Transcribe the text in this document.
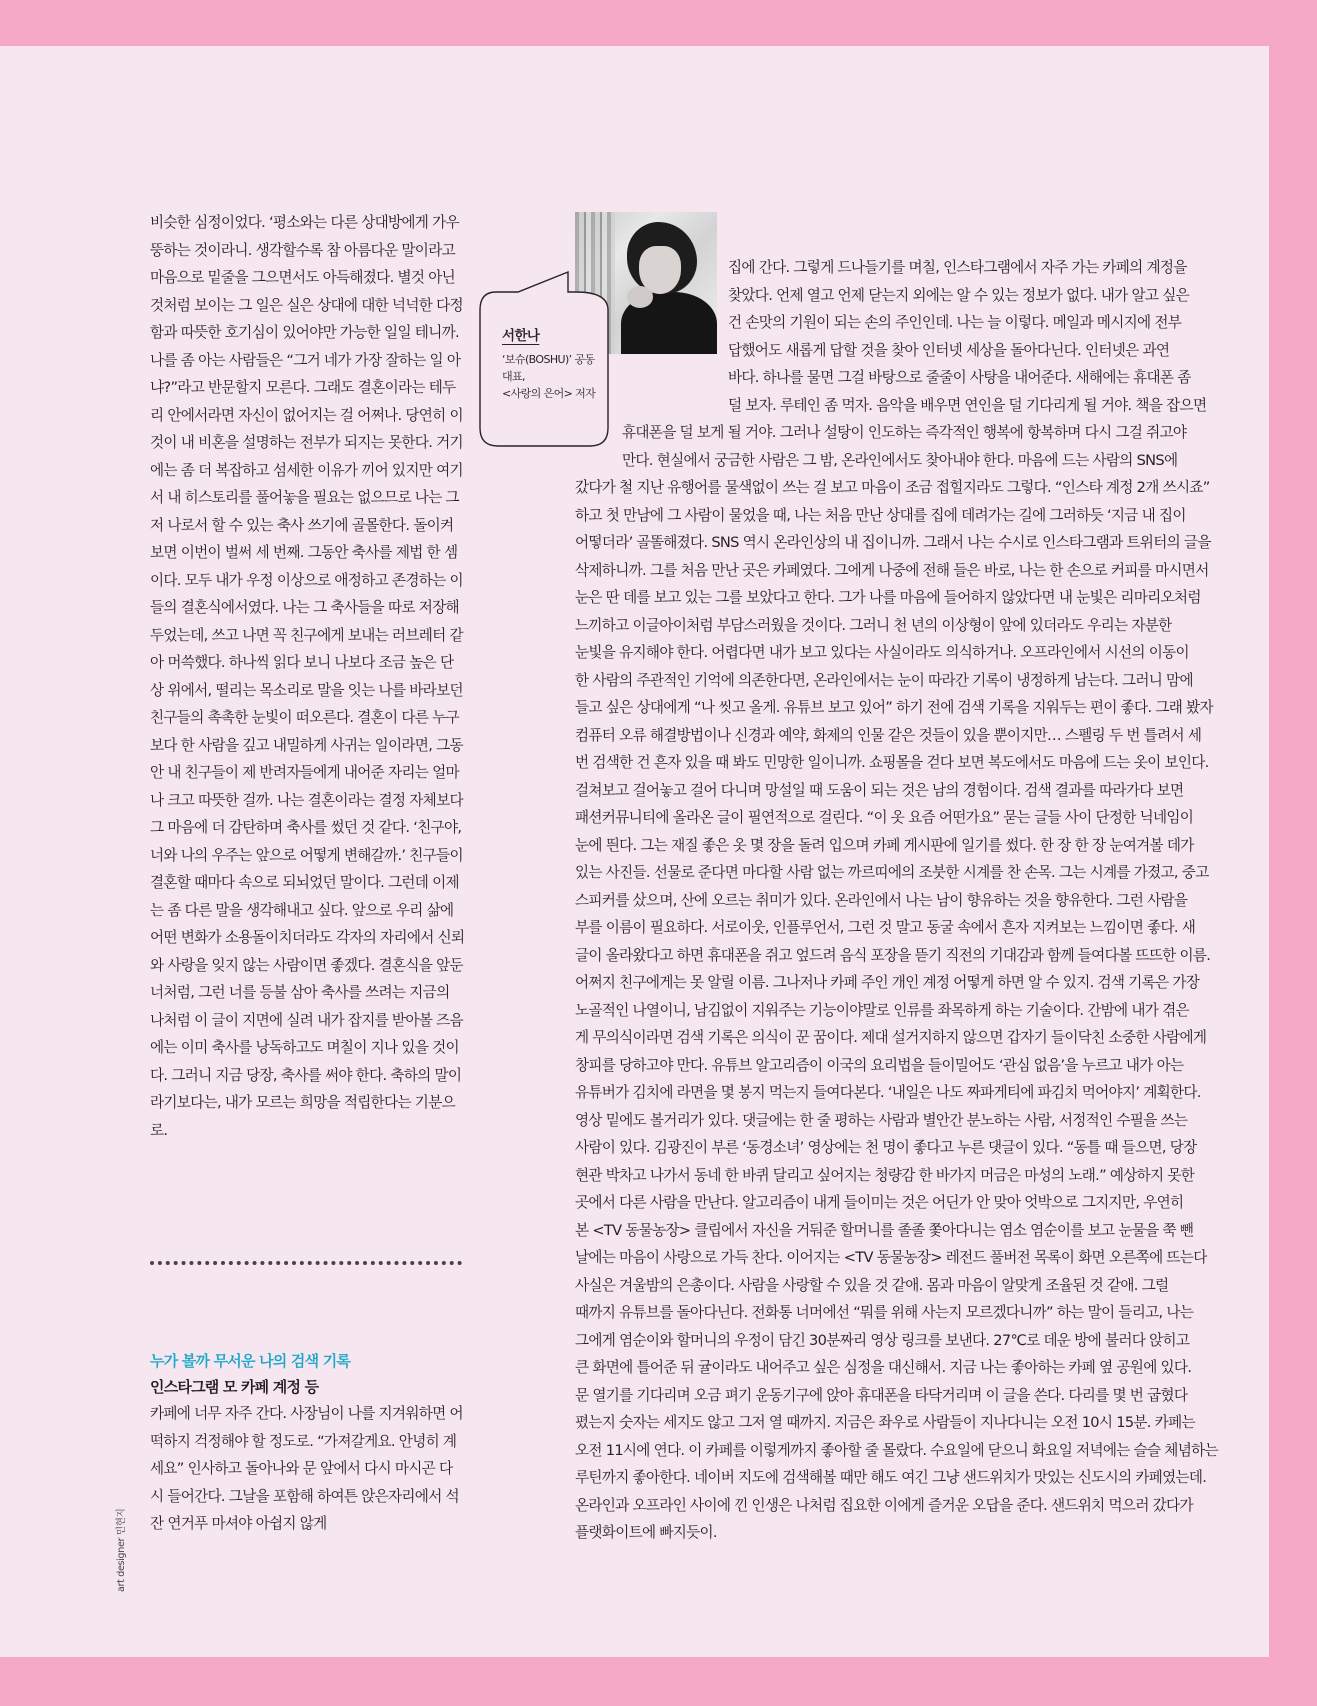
비슷한 심정이었다. ‘평소와는 다른 상대방에게 가우뚱하는 것이라니. 생각할수록 참 아름다운 말이라고 마음으로 밑줄을 그으면서도 아득해졌다. 별것 아닌 것처럼 보이는 그 일은 실은 상대에 대한 넉넉한 다정함과 따뜻한 호기심이 있어야만 가능한 일일 테니까. 나를 좀 아는 사람들은 “그거 네가 가장 잘하는 일 아냐?”라고 반문할지 모른다. 그래도 결혼이라는 테두리 안에서라면 자신이 없어지는 걸 어쩌나. 당연히 이것이 내 비혼을 설명하는 전부가 되지는 못한다. 거기에는 좀 더 복잡하고 섬세한 이유가 끼어 있지만 여기서 내 히스토리를 풀어놓을 필요는 없으므로 나는 그저 나로서 할 수 있는 축사 쓰기에 골몰한다. 돌이켜보면 이번이 벌써 세 번째. 그동안 축사를 제법 한 셈이다. 모두 내가 우정 이상으로 애정하고 존경하는 이들의 결혼식에서였다. 나는 그 축사들을 따로 저장해두었는데, 쓰고 나면 꼭 친구에게 보내는 러브레터 같아 머쓱했다. 하나씩 읽다 보니 나보다 조금 높은 단상 위에서, 떨리는 목소리로 말을 잇는 나를 바라보던 친구들의 촉촉한 눈빛이 떠오른다. 결혼이 다른 누구보다 한 사람을 깊고 내밀하게 사귀는 일이라면, 그동안 내 친구들이 제 반려자들에게 내어준 자리는 얼마나 크고 따뜻한 걸까. 나는 결혼이라는 결정 자체보다 그 마음에 더 감탄하며 축사를 썼던 것 같다. ‘친구야, 너와 나의 우주는 앞으로 어떻게 변해갈까.’ 친구들이 결혼할 때마다 속으로 되뇌었던 말이다. 그런데 이제는 좀 다른 말을 생각해내고 싶다. 앞으로 우리 삶에 어떤 변화가 소용돌이치더라도 각자의 자리에서 신뢰와 사랑을 잊지 않는 사람이면 좋겠다. 결혼식을 앞둔 너처럼, 그런 너를 등불 삼아 축사를 쓰려는 지금의 나처럼 이 글이 지면에 실려 내가 잡지를 받아볼 즈음에는 이미 축사를 낭독하고도 며칠이 지나 있을 것이다. 그러니 지금 당장, 축사를 써야 한다. 축하의 말이라기보다는, 내가 모르는 희망을 적립한다는 기분으로.

누가 볼까 무서운 나의 검색 기록
인스타그램 모 카페 계정 등
카페에 너무 자주 간다. 사장님이 나를 지겨워하면 어떡하지 걱정해야 할 정도로. “가져갈게요. 안녕히 계세요” 인사하고 돌아나와 문 앞에서 다시 마시곤 다시 들어간다. 그날을 포함해 하여튼 앉은자리에서 석 잔 연거푸 마셔야 아쉽지 않게
서한나
‘보슈(BOSHU)’ 공동대표,
<사랑의 은어> 저자
집에 간다. 그렇게 드나들기를 며칠, 인스타그램에서 자주 가는 카페의 계정을
찾았다. 언제 열고 언제 닫는지 외에는 알 수 있는 정보가 없다. 내가 알고 싶은
건 손맛의 기원이 되는 손의 주인인데. 나는 늘 이렇다. 메일과 메시지에 전부
답했어도 새롭게 답할 것을 찾아 인터넷 세상을 돌아다닌다. 인터넷은 과연
바다. 하나를 물면 그걸 바탕으로 줄줄이 사탕을 내어준다. 새해에는 휴대폰 좀
덜 보자. 루테인 좀 먹자. 음악을 배우면 연인을 덜 기다리게 될 거야. 책을 잡으면
휴대폰을 덜 보게 될 거야. 그러나 설탕이 인도하는 즉각적인 행복에 항복하며 다시 그걸 쥐고야
만다. 현실에서 궁금한 사람은 그 밤, 온라인에서도 찾아내야 한다. 마음에 드는 사람의 SNS에
갔다가 철 지난 유행어를 물색없이 쓰는 걸 보고 마음이 조금 접힐지라도 그렇다. “인스타 계정 2개 쓰시죠”
하고 첫 만남에 그 사람이 물었을 때, 나는 처음 만난 상대를 집에 데려가는 길에 그러하듯 ‘지금 내 집이
어떻더라’ 골똘해졌다. SNS 역시 온라인상의 내 집이니까. 그래서 나는 수시로 인스타그램과 트위터의 글을
삭제하니까. 그를 처음 만난 곳은 카페였다. 그에게 나중에 전해 들은 바로, 나는 한 손으로 커피를 마시면서
눈은 딴 데를 보고 있는 그를 보았다고 한다. 그가 나를 마음에 들어하지 않았다면 내 눈빛은 리마리오처럼
느끼하고 이글아이처럼 부담스러웠을 것이다. 그러니 천 년의 이상형이 앞에 있더라도 우리는 자분한
눈빛을 유지해야 한다. 어렵다면 내가 보고 있다는 사실이라도 의식하거나. 오프라인에서 시선의 이동이
한 사람의 주관적인 기억에 의존한다면, 온라인에서는 눈이 따라간 기록이 냉정하게 남는다. 그러니 맘에
들고 싶은 상대에게 “나 씻고 올게. 유튜브 보고 있어” 하기 전에 검색 기록을 지워두는 편이 좋다. 그래 봤자
컴퓨터 오류 해결방법이나 신경과 예약, 화제의 인물 같은 것들이 있을 뿐이지만… 스펠링 두 번 틀려서 세
번 검색한 건 흔자 있을 때 봐도 민망한 일이니까. 쇼핑몰을 걷다 보면 복도에서도 마음에 드는 옷이 보인다.
걸쳐보고 걸어놓고 걸어 다니며 망설일 때 도움이 되는 것은 남의 경험이다. 검색 결과를 따라가다 보면
패션커뮤니티에 올라온 글이 필연적으로 걸린다. “이 옷 요즘 어떤가요” 묻는 글들 사이 단정한 닉네임이
눈에 띈다. 그는 재질 좋은 옷 몇 장을 돌려 입으며 카페 게시판에 일기를 썼다. 한 장 한 장 눈여겨볼 데가
있는 사진들. 선물로 준다면 마다할 사람 없는 까르띠에의 조붓한 시계를 찬 손목. 그는 시계를 가졌고, 중고
스피커를 샀으며, 산에 오르는 취미가 있다. 온라인에서 나는 남이 향유하는 것을 향유한다. 그런 사람을
부를 이름이 필요하다. 서로이웃, 인플루언서, 그런 것 말고 동굴 속에서 흔자 지켜보는 느낌이면 좋다. 새
글이 올라왔다고 하면 휴대폰을 쥐고 엎드려 음식 포장을 뜯기 직전의 기대감과 함께 들여다볼 뜨뜨한 이름.
어쩌지 친구에게는 못 알릴 이름. 그나저나 카페 주인 개인 계정 어떻게 하면 알 수 있지. 검색 기록은 가장
노골적인 나열이니, 남김없이 지워주는 기능이야말로 인류를 좌목하게 하는 기술이다. 간밤에 내가 겪은
게 무의식이라면 검색 기록은 의식이 꾼 꿈이다. 제대 설거지하지 않으면 갑자기 들이닥친 소중한 사람에게
창피를 당하고야 만다. 유튜브 알고리즘이 이국의 요리법을 들이밀어도 ‘관심 없음’을 누르고 내가 아는
유튜버가 김치에 라면을 몇 봉지 먹는지 들여다본다. ‘내일은 나도 짜파게티에 파김치 먹어야지’ 계획한다.
영상 밑에도 볼거리가 있다. 댓글에는 한 줄 평하는 사람과 별안간 분노하는 사람, 서정적인 수필을 쓰는
사람이 있다. 김광진이 부른 ‘동경소녀’ 영상에는 천 명이 좋다고 누른 댓글이 있다. “동틀 때 들으면, 당장
현관 박차고 나가서 동네 한 바퀴 달리고 싶어지는 청량감 한 바가지 머금은 마성의 노래.” 예상하지 못한
곳에서 다른 사람을 만난다. 알고리즘이 내게 들이미는 것은 어딘가 안 맞아 엇박으로 그지지만, 우연히
본 <TV 동물농장> 클립에서 자신을 거둬준 할머니를 졸졸 쫓아다니는 염소 염순이를 보고 눈물을 쭉 뺀
날에는 마음이 사랑으로 가득 찬다. 이어지는 <TV 동물농장> 레전드 풀버전 목록이 화면 오른쪽에 뜨는다
사실은 겨울밤의 은총이다. 사람을 사랑할 수 있을 것 같애. 몸과 마음이 알맞게 조율된 것 같애. 그럴
때까지 유튜브를 돌아다닌다. 전화통 너머에선 “뭐를 위해 사는지 모르겠다니까” 하는 말이 들리고, 나는
그에게 염순이와 할머니의 우정이 담긴 30분짜리 영상 링크를 보낸다. 27℃로 데운 방에 불러다 앉히고
큰 화면에 틀어준 뒤 귤이라도 내어주고 싶은 심정을 대신해서. 지금 나는 좋아하는 카페 옆 공원에 있다.
문 열기를 기다리며 오금 펴기 운동기구에 앉아 휴대폰을 타닥거리며 이 글을 쓴다. 다리를 몇 번 굽혔다
폈는지 숫자는 세지도 않고 그저 열 때까지. 지금은 좌우로 사람들이 지나다니는 오전 10시 15분. 카페는
오전 11시에 연다. 이 카페를 이렇게까지 좋아할 줄 몰랐다. 수요일에 닫으니 화요일 저녁에는 슬슬 체념하는
루틴까지 좋아한다. 네이버 지도에 검색해볼 때만 해도 여긴 그냥 샌드위치가 맛있는 신도시의 카페였는데.
온라인과 오프라인 사이에 낀 인생은 나처럼 집요한 이에게 즐거운 오답을 준다. 샌드위치 먹으러 갔다가
플랫화이트에 빠지듯이.
art designer 민현지
